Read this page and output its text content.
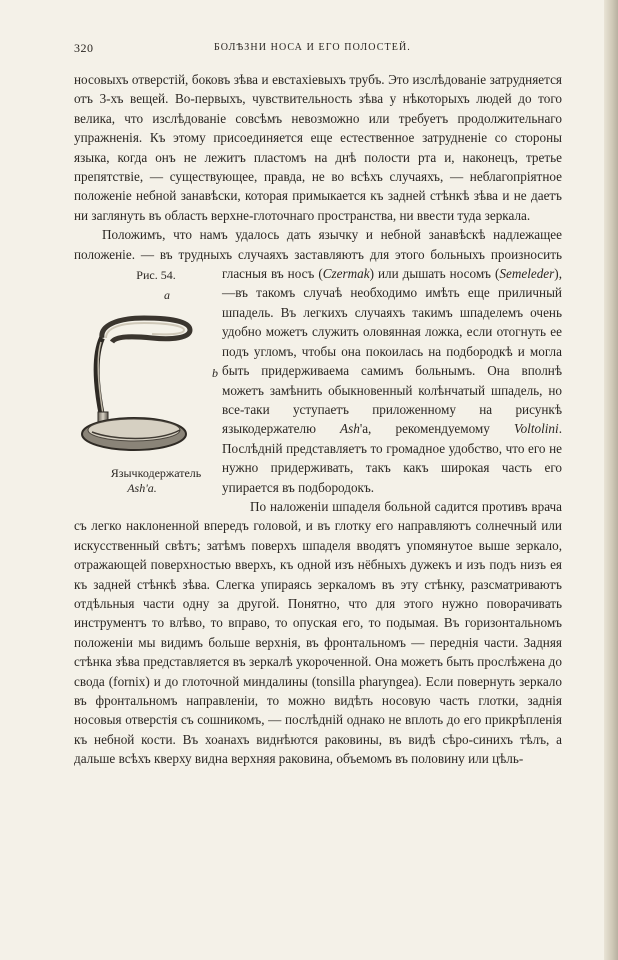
320	БОЛѢЗНИ НОСА И ЕГО ПОЛОСТЕЙ.

носовыхъ отверстій, боковъ зѣва и евстахіевыхъ трубъ. Это изслѣдованіе затрудняется отъ 3-хъ вещей. Во-первыхъ, чувствительность зѣва у нѣкоторыхъ людей до того велика, что изслѣдованіе совсѣмъ невозможно или требуетъ продолжительнаго упражненія. Къ этому присоединяется еще естественное затрудненіе со стороны языка, когда онъ не лежитъ пластомъ на днѣ полости рта и, наконецъ, третье препятствіе, — существующее, правда, не во всѣхъ случаяхъ, — неблагопріятное положеніе небной занавѣски, которая примыкается къ задней стѣнкѣ зѣва и не даетъ ни заглянуть въ область верхне-глоточнаго пространства, ни ввести туда зеркала.

Положимъ, что намъ удалось дать язычку и небной занавѣскѣ надлежащее положеніе. — въ трудныхъ случаяхъ заставляютъ для этого больныхъ произносить гласныя въ носъ (Czermak) или дышать носомъ (Semeleder
Рис. 54.
a
b
Язычкодержатель
Ash'a.
),—въ такомъ случаѣ необходимо имѣть еще приличный шпадель. Въ легкихъ случаяхъ такимъ шпаделемъ очень удобно можетъ служить оловянная ложка, если отогнуть ее подъ угломъ, чтобы она покоилась на подбородкѣ и могла быть придерживаема самимъ больнымъ. Она вполнѣ можетъ замѣнить обыкновенный колѣнчатый шпадель, но все-таки уступаетъ приложенному на рисункѣ языкодержателю Ash'а, рекомендуемому Voltolini. Послѣдній представляетъ то громадное удобство, что его не нужно придерживать, такъ какъ широкая часть его упирается въ подбородокъ.

По наложеніи шпаделя больной садится противъ врача съ легко наклоненной впередъ головой, и въ глотку его направляютъ солнечный или искусственный свѣтъ; затѣмъ поверхъ шпаделя вводятъ упомянутое выше зеркало, отражающей поверхностью вверхъ, къ одной изъ нёбныхъ дужекъ и изъ подъ низъ ея къ задней стѣнкѣ зѣва. Слегка упираясь зеркаломъ въ эту стѣнку, разсматриваютъ отдѣльныя части одну за другой. Понятно, что для этого нужно поворачивать инструментъ то влѣво, то вправо, то опуская его, то подымая. Въ горизонтальномъ положеніи мы видимъ больше верхнія, въ фронтальномъ — переднія части. Задняя стѣнка зѣва представляется въ зеркалѣ укороченной. Она можетъ быть прослѣжена до свода (fornix) и до глоточной миндалины (tonsilla pharyngea). Если повернуть зеркало въ фронтальномъ направленіи, то можно видѣть носовую часть глотки, заднія носовыя отверстія съ сошникомъ, — послѣдній однако не вплоть до его прикрѣпленія къ небной кости. Въ хоанахъ виднѣются раковины, въ видѣ сѣро-синихъ тѣлъ, а дальше всѣхъ кверху видна верхняя раковина, объемомъ въ половину или цѣль-
